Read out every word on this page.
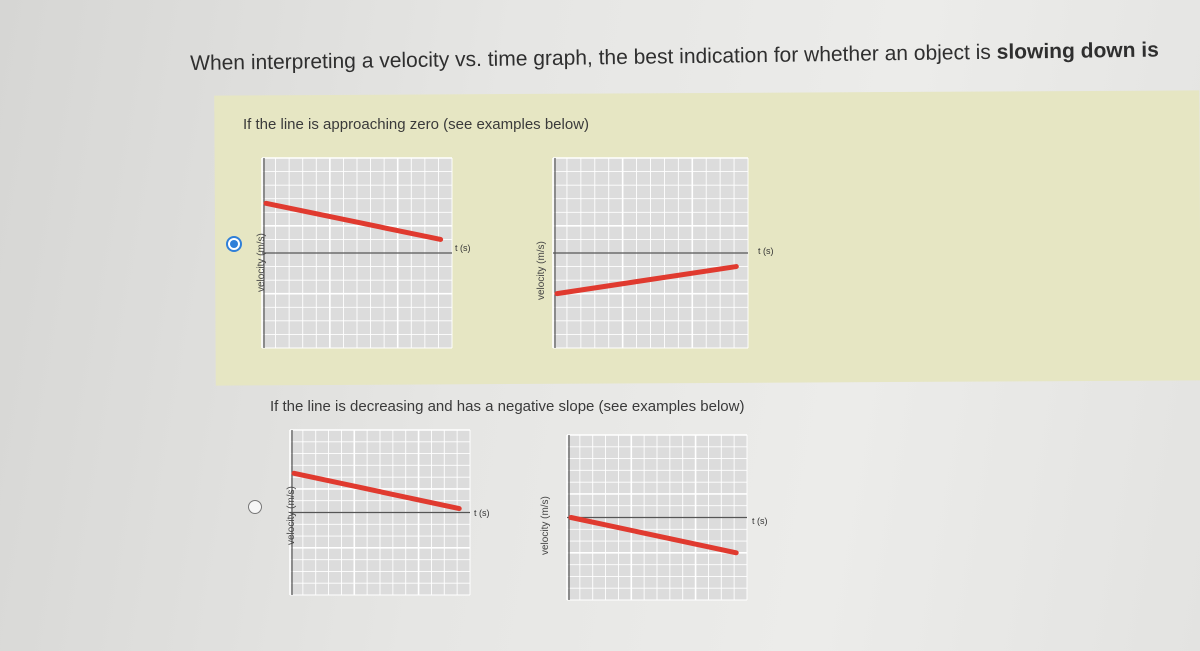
When interpreting a velocity vs. time graph, the best indication for whether an object is slowing down is
If the line is approaching zero (see examples below)
velocity (m/s)	t (s)	velocity (m/s)	t (s)
If the line is decreasing and has a negative slope (see examples below)
velocity (m/s)	t (s)	velocity (m/s)	t (s)
